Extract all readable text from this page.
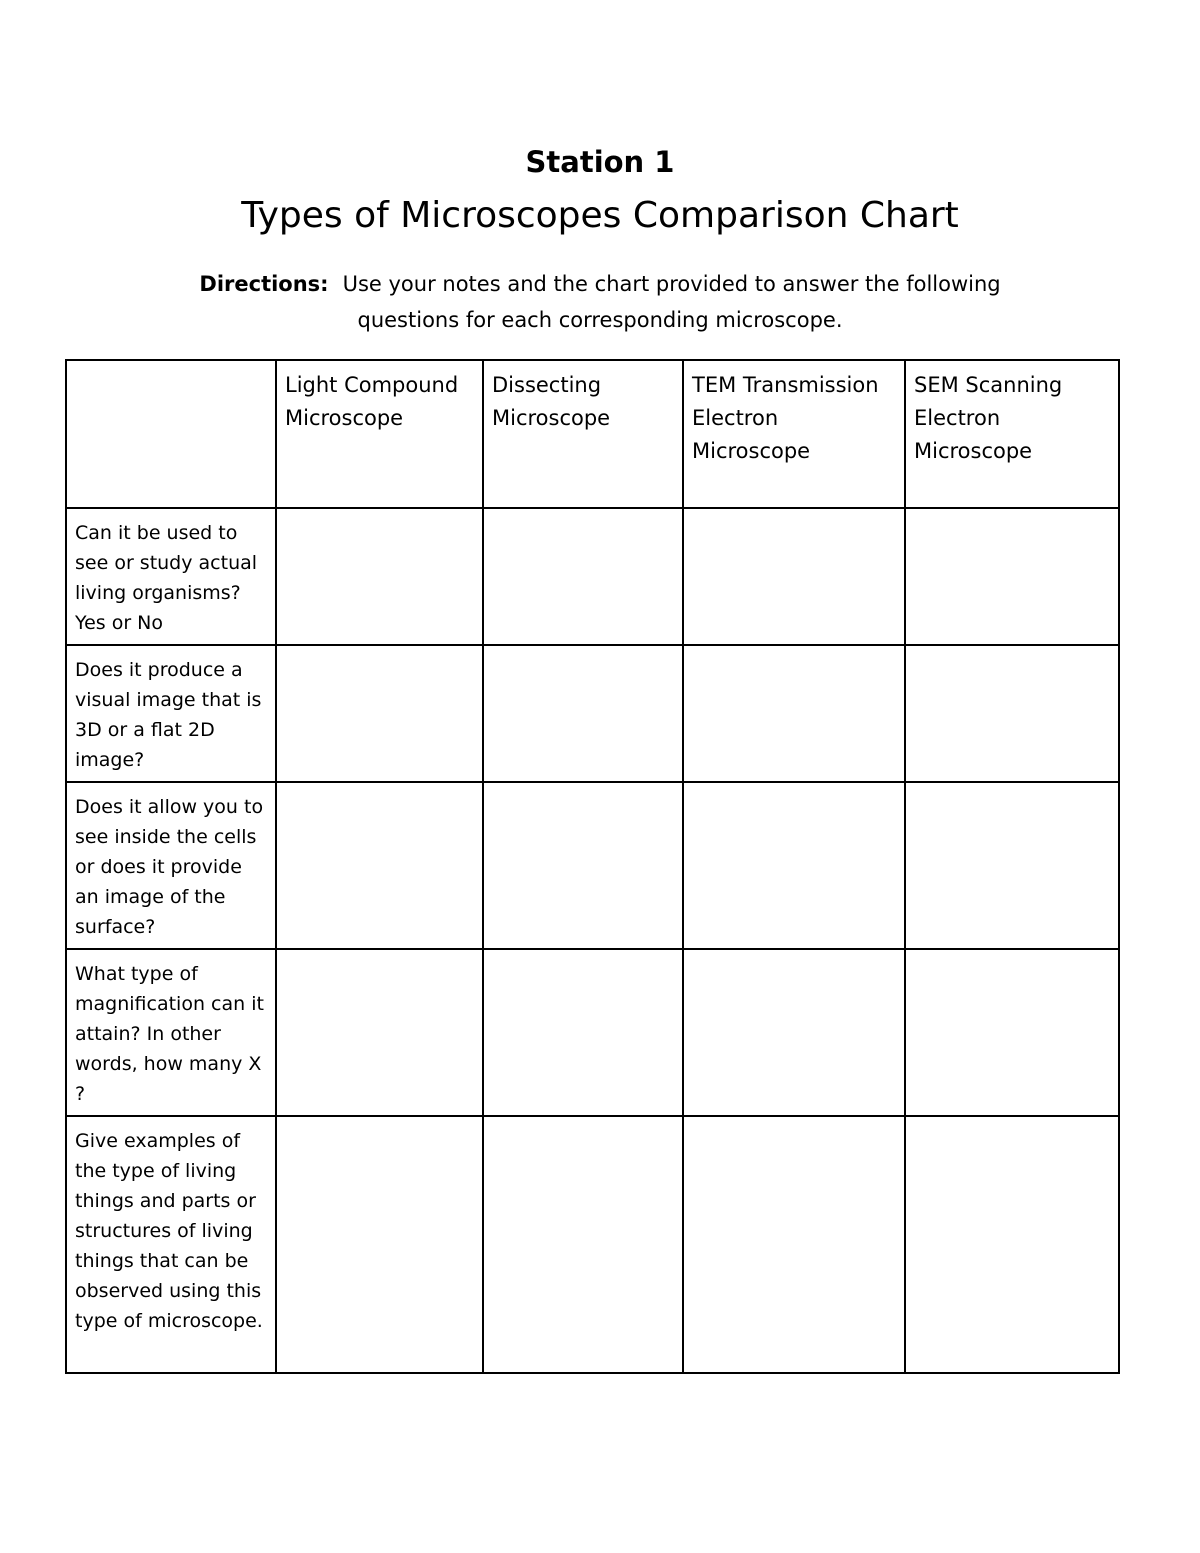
Station 1
Types of Microscopes Comparison Chart
Directions: Use your notes and the chart provided to answer the following
questions for each corresponding microscope.
	Light Compound Microscope	Dissecting Microscope	TEM Transmission Electron Microscope	SEM Scanning Electron Microscope
Can it be used to see or study actual living organisms? Yes or No				
Does it produce a visual image that is 3D or a flat 2D image?				
Does it allow you to see inside the cells or does it provide an image of the surface?				
What type of magnification can it attain? In other words, how many X ?				
Give examples of the type of living things and parts or structures of living things that can be observed using this type of microscope.				
